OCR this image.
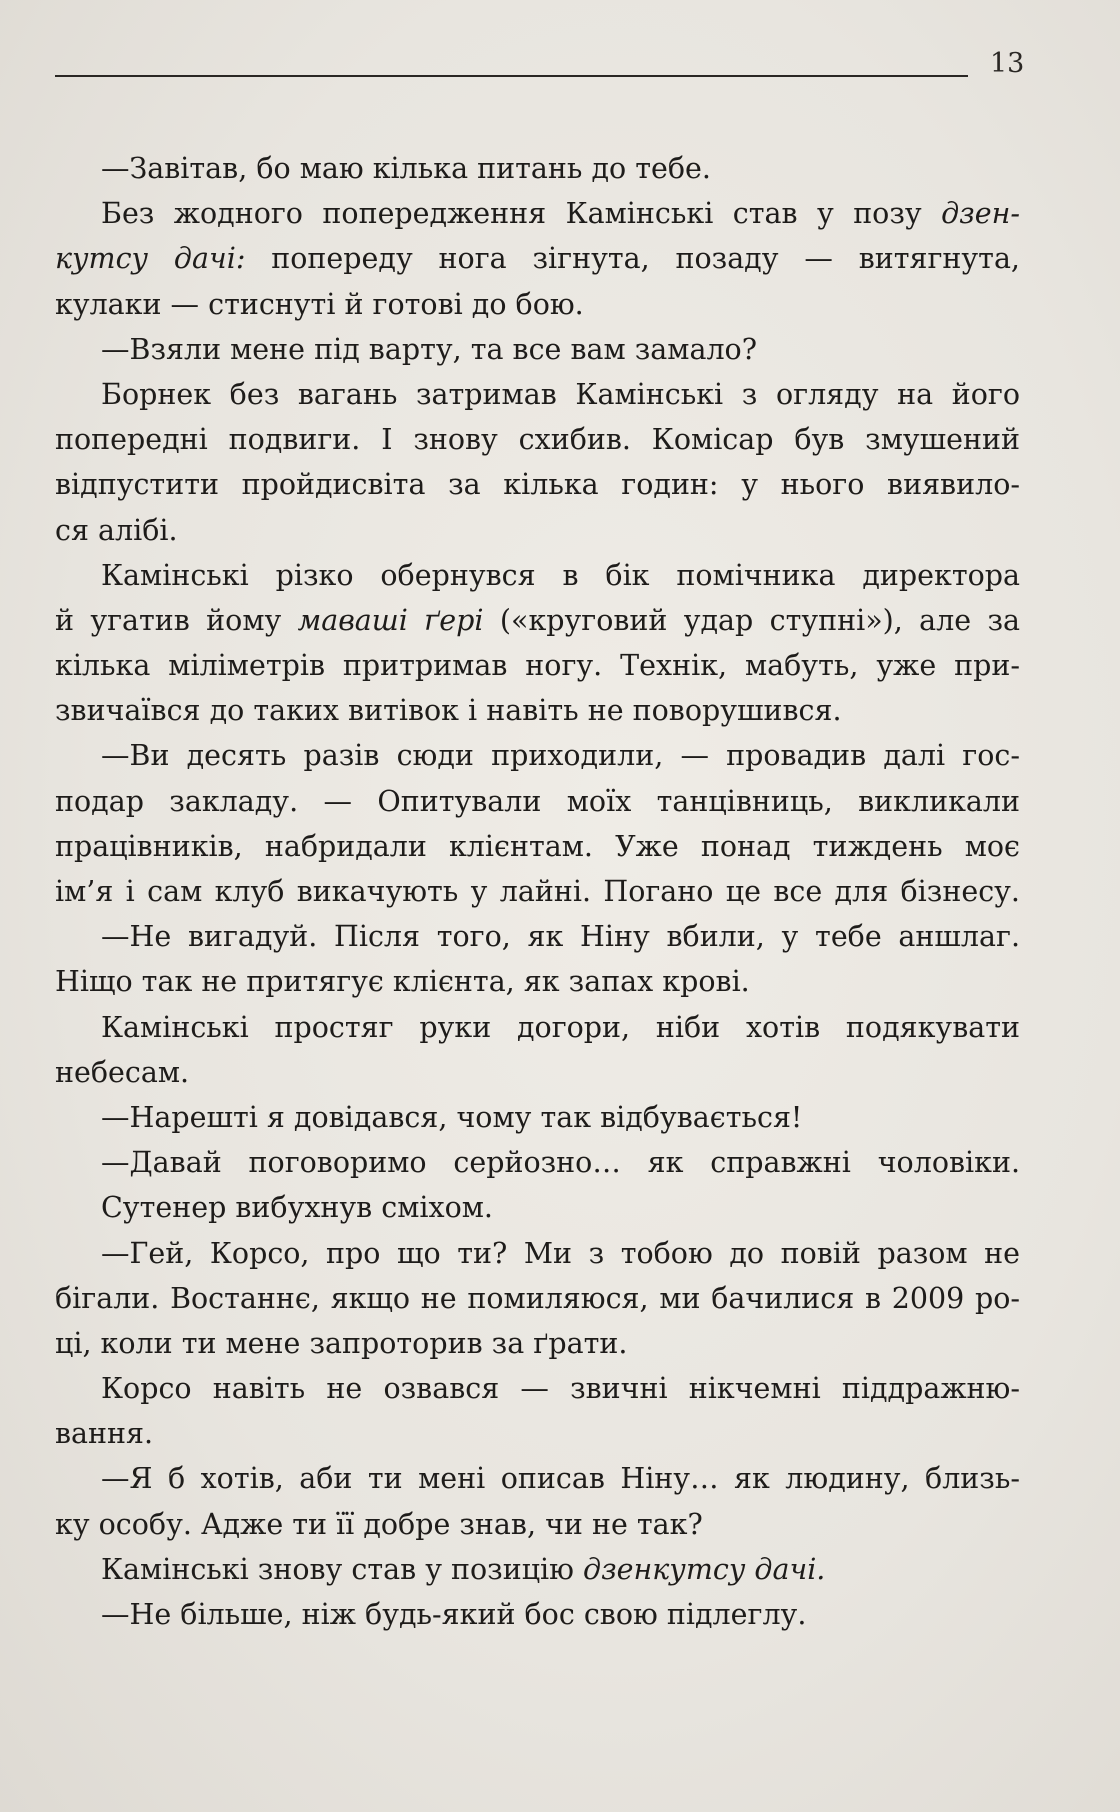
13
—Завітав, бо маю кілька питань до тебе.
Без жодного попередження Камінські став у позу дзен-
кутсу дачі: попереду нога зігнута, позаду — витягнута,
кулаки — стиснуті й готові до бою.
—Взяли мене під варту, та все вам замало?
Борнек без вагань затримав Камінські з огляду на його
попередні подвиги. І знову схибив. Комісар був змушений
відпустити пройдисвіта за кілька годин: у нього виявило-
ся алібі.
Камінські різко обернувся в бік помічника директора
й угатив йому маваші ґері («круговий удар ступні»), але за
кілька міліметрів притримав ногу. Технік, мабуть, уже при-
звичаївся до таких витівок і навіть не поворушився.
—Ви десять разів сюди приходили, — провадив далі гос-
подар закладу. — Опитували моїх танцівниць, викликали
працівників, набридали клієнтам. Уже понад тиждень моє
ім’я і сам клуб викачують у лайні. Погано це все для бізнесу.
—Не вигадуй. Після того, як Ніну вбили, у тебе аншлаг.
Ніщо так не притягує клієнта, як запах крові.
Камінські простяг руки догори, ніби хотів подякувати
небесам.
—Нарешті я довідався, чому так відбувається!
—Давай поговоримо серйозно… як справжні чоловіки.
Сутенер вибухнув сміхом.
—Гей, Корсо, про що ти? Ми з тобою до повій разом не
бігали. Востаннє, якщо не помиляюся, ми бачилися в 2009 ро-
ці, коли ти мене запроторив за ґрати.
Корсо навіть не озвався — звичні нікчемні піддражню-
вання.
—Я б хотів, аби ти мені описав Ніну… як людину, близь-
ку особу. Адже ти її добре знав, чи не так?
Камінські знову став у позицію дзенкутсу дачі.
—Не більше, ніж будь-який бос свою підлеглу.
